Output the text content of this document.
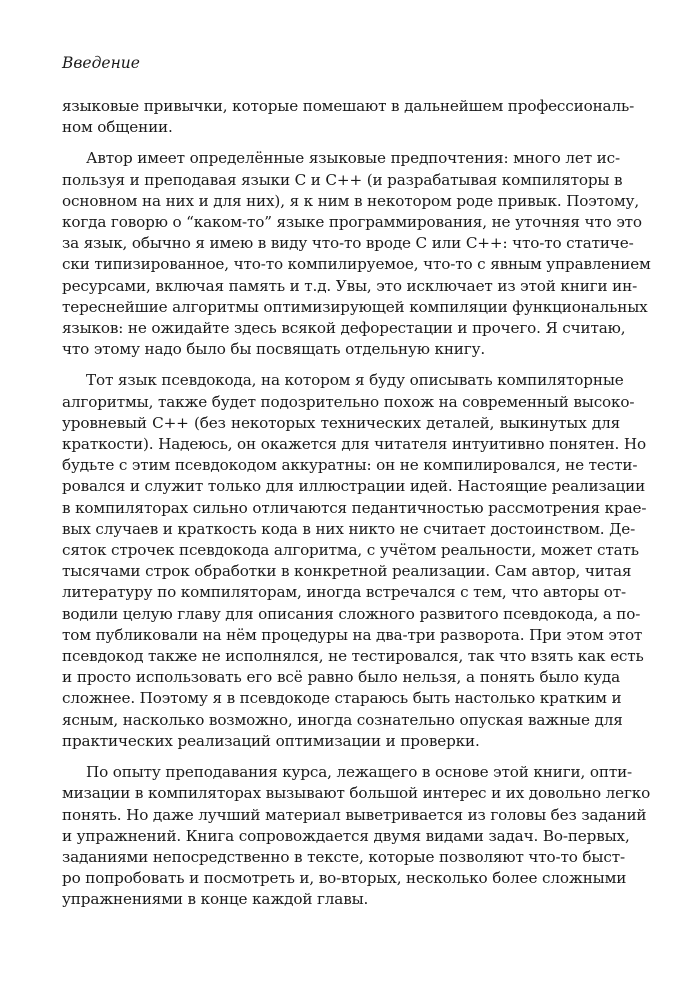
Введение
языковые привычки, которые помешают в дальнейшем профессиональ-
ном общении.
Автор имеет определённые языковые предпочтения: много лет ис-
пользуя и преподавая языки C и C++ (и разрабатывая компиляторы в
основном на них и для них), я к ним в некотором роде привык. Поэтому,
когда говорю о “каком-то” языке программирования, не уточняя что это
за язык, обычно я имею в виду что-то вроде C или C++: что-то статиче-
ски типизированное, что-то компилируемое, что-то с явным управлением
ресурсами, включая память и т.д. Увы, это исключает из этой книги ин-
тереснейшие алгоритмы оптимизирующей компиляции функциональных
языков: не ожидайте здесь всякой дефорестации и прочего. Я считаю,
что этому надо было бы посвящать отдельную книгу.
Тот язык псевдокода, на котором я буду описывать компиляторные
алгоритмы, также будет подозрительно похож на современный высоко-
уровневый C++ (без некоторых технических деталей, выкинутых для
краткости). Надеюсь, он окажется для читателя интуитивно понятен. Но
будьте с этим псевдокодом аккуратны: он не компилировался, не тести-
ровался и служит только для иллюстрации идей. Настоящие реализации
в компиляторах сильно отличаются педантичностью рассмотрения крае-
вых случаев и краткость кода в них никто не считает достоинством. Де-
сяток строчек псевдокода алгоритма, с учётом реальности, может стать
тысячами строк обработки в конкретной реализации. Сам автор, читая
литературу по компиляторам, иногда встречался с тем, что авторы от-
водили целую главу для описания сложного развитого псевдокода, а по-
том публиковали на нём процедуры на два-три разворота. При этом этот
псевдокод также не исполнялся, не тестировался, так что взять как есть
и просто использовать его всё равно было нельзя, а понять было куда
сложнее. Поэтому я в псевдокоде стараюсь быть настолько кратким и
ясным, насколько возможно, иногда сознательно опуская важные для
практических реализаций оптимизации и проверки.
По опыту преподавания курса, лежащего в основе этой книги, опти-
мизации в компиляторах вызывают большой интерес и их довольно легко
понять. Но даже лучший материал выветривается из головы без заданий
и упражнений. Книга сопровождается двумя видами задач. Во-первых,
заданиями непосредственно в тексте, которые позволяют что-то быст-
ро попробовать и посмотреть и, во-вторых, несколько более сложными
упражнениями в конце каждой главы.
